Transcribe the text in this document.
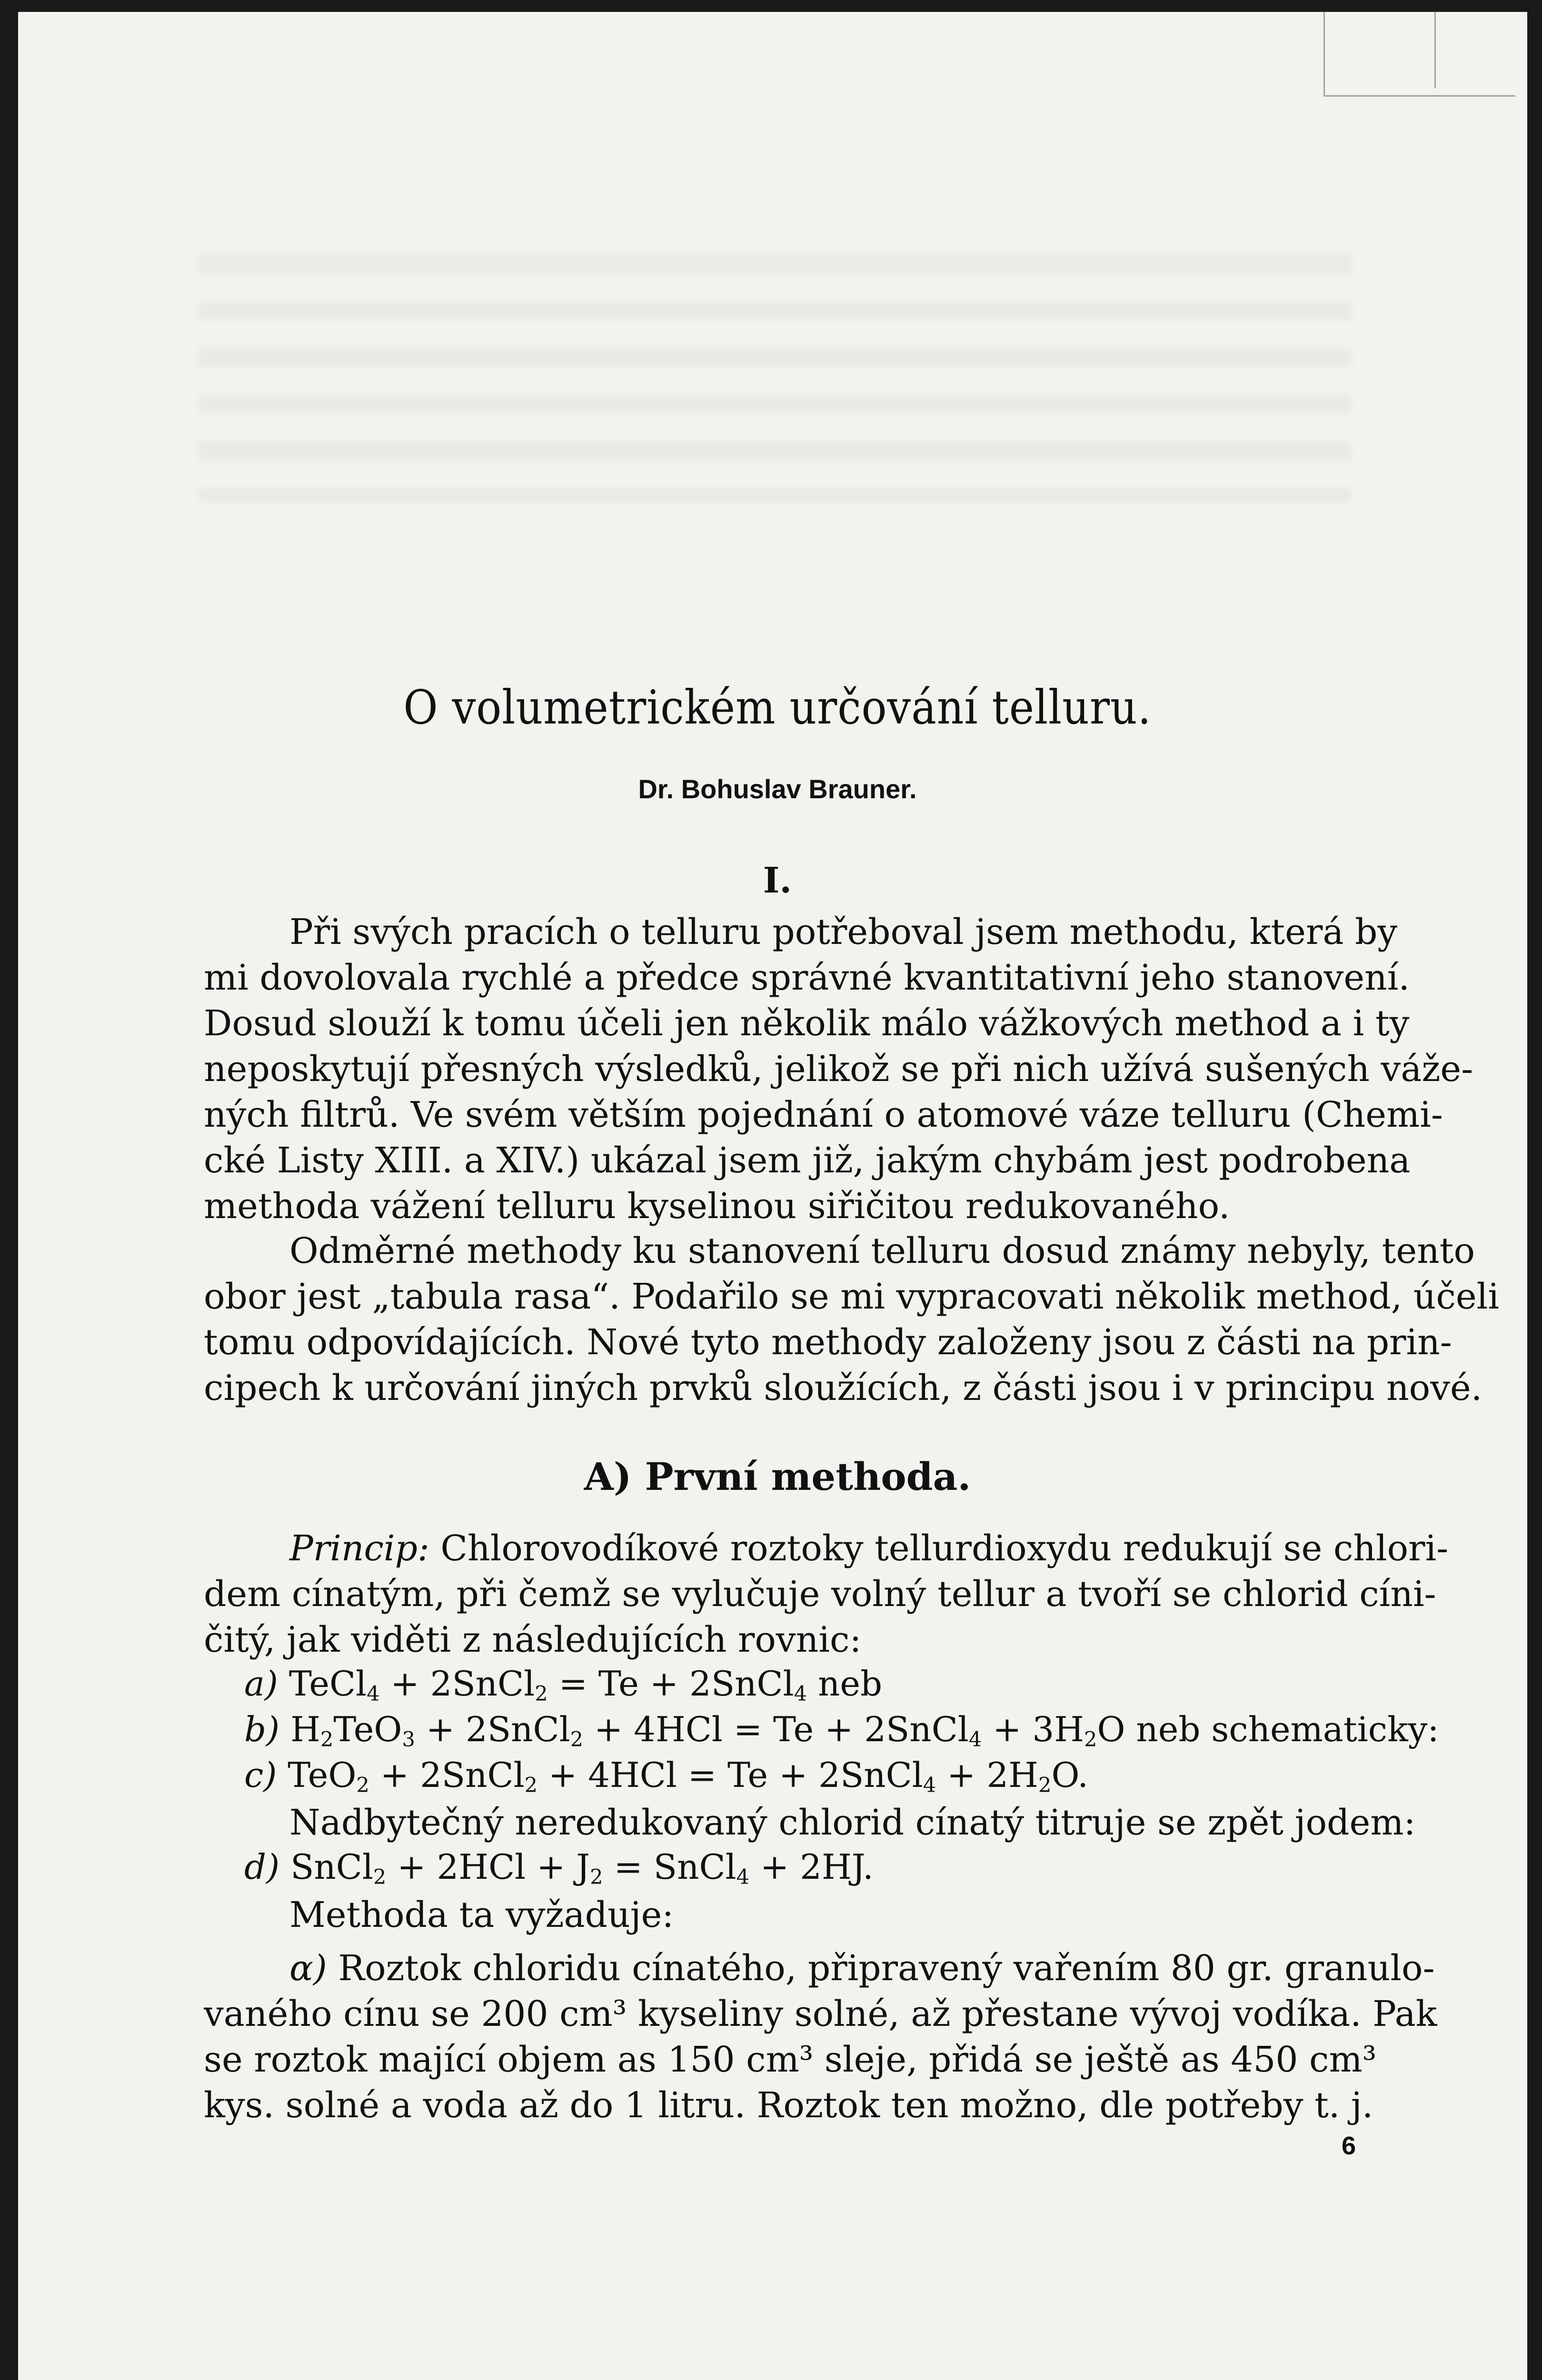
O volumetrickém určování telluru.
Dr. Bohuslav Brauner.
I.
Při svých pracích o telluru potřeboval jsem methodu, která by
mi dovolovala rychlé a předce správné kvantitativní jeho stanovení.
Dosud slouží k tomu účeli jen několik málo vážkových method a i ty
neposkytují přesných výsledků, jelikož se při nich užívá sušených váže-
ných filtrů. Ve svém větším pojednání o atomové váze telluru (Chemi-
cké Listy XIII. a XIV.) ukázal jsem již, jakým chybám jest podrobena
methoda vážení telluru kyselinou siřičitou redukovaného.
Odměrné methody ku stanovení telluru dosud známy nebyly, tento
obor jest „tabula rasa“. Podařilo se mi vypracovati několik method, účeli
tomu odpovídajících. Nové tyto methody založeny jsou z části na prin-
cipech k určování jiných prvků sloužících, z části jsou i v principu nové.
A) První methoda.
Princip: Chlorovodíkové roztoky tellurdioxydu redukují se chlori-
dem cínatým, při čemž se vylučuje volný tellur a tvoří se chlorid cíni-
čitý, jak viděti z následujících rovnic:
a) TeCl$_4$ + 2SnCl$_2$ = Te + 2SnCl$_4$ neb
b) $H_2TeO_3$ + 2SnCl$_2$ + 4HCl = Te + 2SnCl$_4$ + $3H_2O$ neb schematicky:
c) TeO$_2$ + 2SnCl$_2$ + 4HCl = Te + 2SnCl$_4$ + $2H_2O$.
Nadbytečný neredukovaný chlorid cínatý titruje se zpět jodem:
d) SnCl$_2$ + $2HCl + J_2$ = SnCl$_4$ + 2HJ.
Methoda ta vyžaduje:
α) Roztok chloridu cínatého, připravený vařením 80 gr. granulo-
vaného cínu se 200 cm³ kyseliny solné, až přestane vývoj vodíka. Pak
se roztok mající objem as 150 cm³ sleje, přidá se ještě as 450 cm³
kys. solné a voda až do 1 litru. Roztok ten možno, dle potřeby t. j.
6
